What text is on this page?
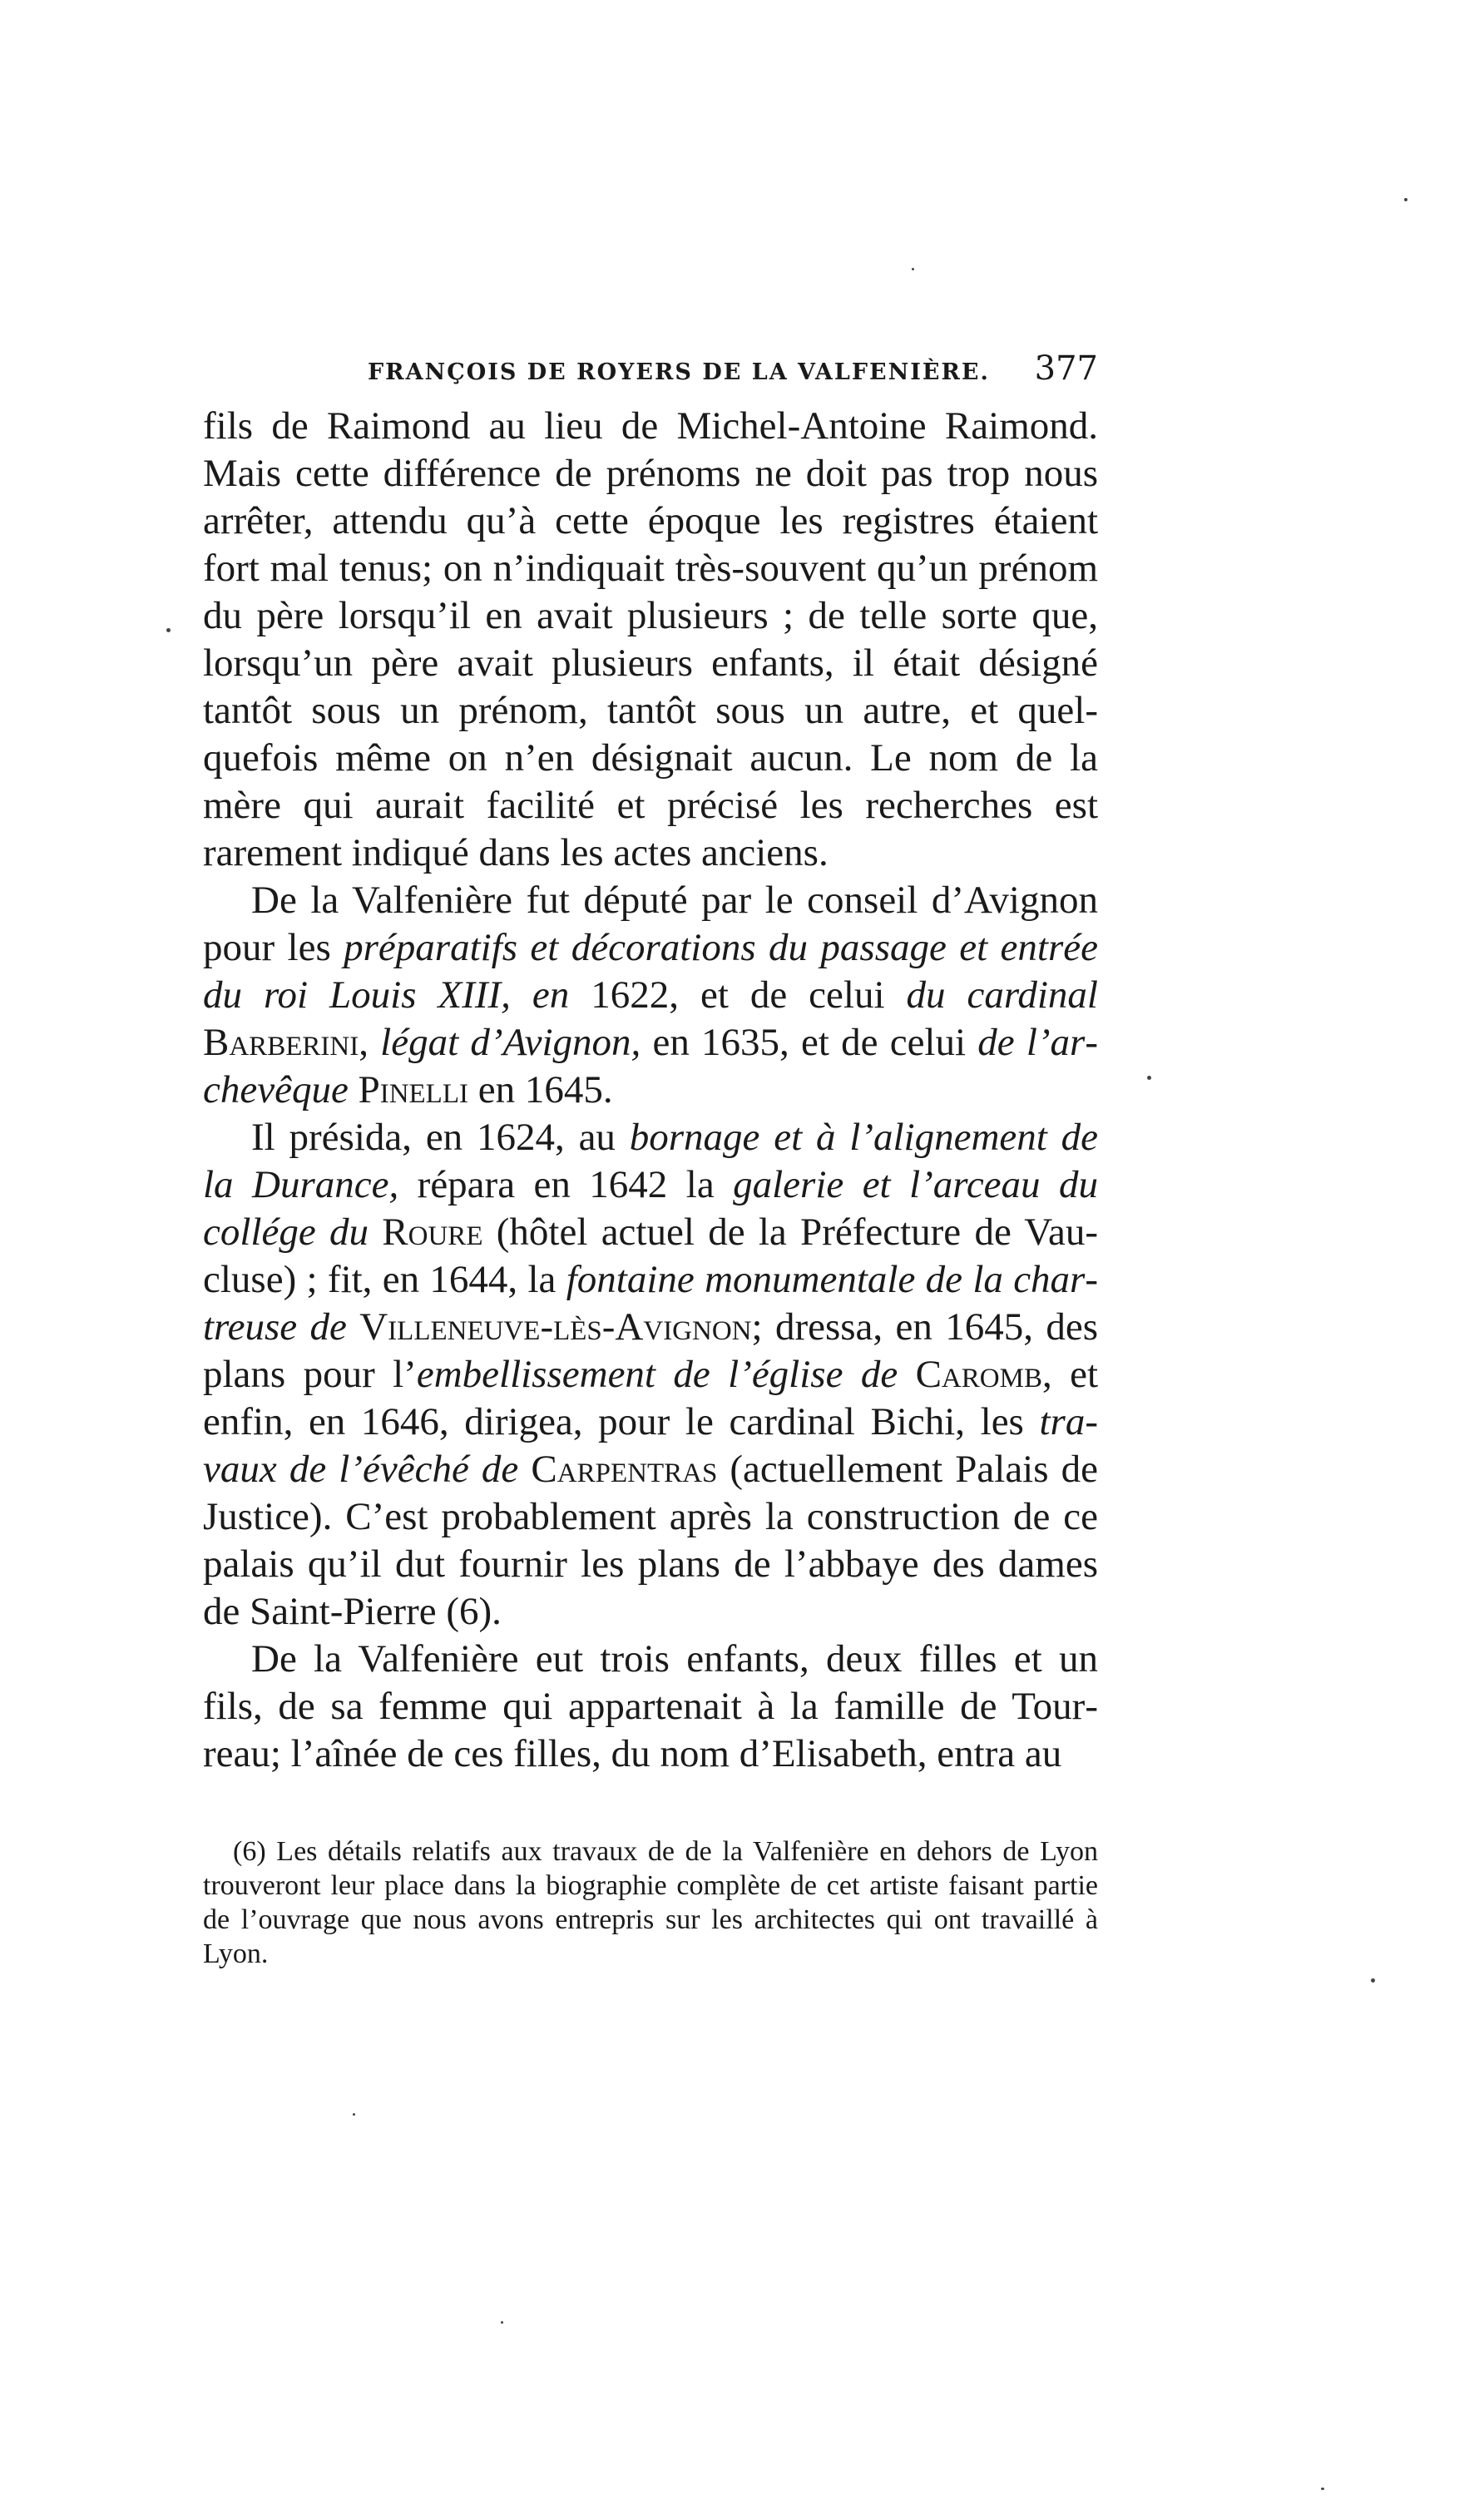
FRANÇOIS DE ROYERS DE LA VALFENIÈRE. 377

fils de Raimond au lieu de Michel-Antoine Raimond. Mais cette différence de prénoms ne doit pas trop nous arrêter, attendu qu’à cette époque les registres étaient fort mal tenus; on n’indiquait très-souvent qu’un prénom du père lorsqu’il en avait plusieurs ; de telle sorte que, lorsqu’un père avait plusieurs enfants, il était désigné tantôt sous un prénom, tantôt sous un autre, et quelquefois même on n’en désignait aucun. Le nom de la mère qui aurait facilité et précisé les recherches est rarement indiqué dans les actes anciens.

De la Valfenière fut député par le conseil d’Avignon pour les préparatifs et décorations du passage et entrée du roi Louis XIII, en 1622, et de celui du cardinal Barberini, légat d’Avignon, en 1635, et de celui de l’archevêque Pinelli en 1645.

Il présida, en 1624, au bornage et à l’alignement de la Durance, répara en 1642 la galerie et l’arceau du collége du Roure (hôtel actuel de la Préfecture de Vaucluse) ; fit, en 1644, la fontaine monumentale de la chartreuse de Villeneuve-lès-Avignon; dressa, en 1645, des plans pour l’embellissement de l’église de Caromb, et enfin, en 1646, dirigea, pour le cardinal Bichi, les travaux de l’évêché de Carpentras (actuellement Palais de Justice). C’est probablement après la construction de ce palais qu’il dut fournir les plans de l’abbaye des dames de Saint-Pierre (6).

De la Valfenière eut trois enfants, deux filles et un fils, de sa femme qui appartenait à la famille de Tourreau; l’aînée de ces filles, du nom d’Elisabeth, entra au

(6) Les détails relatifs aux travaux de de la Valfenière en dehors de Lyon trouveront leur place dans la biographie complète de cet artiste faisant partie de l’ouvrage que nous avons entrepris sur les architectes qui ont travaillé à Lyon.
